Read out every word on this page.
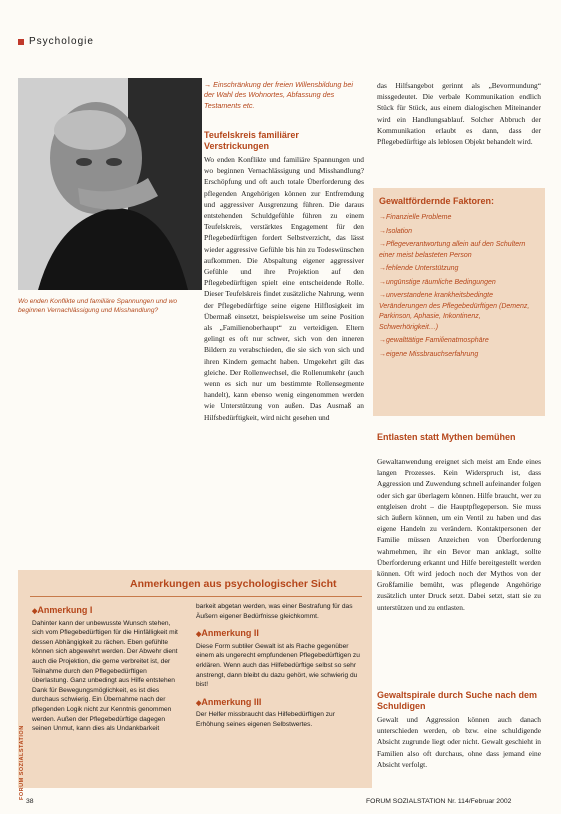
Psychologie
Wo enden Konflikte und familiäre Spannungen und wo beginnen Vernachlässigung und Misshandlung?
→ Einschränkung der freien Willensbildung bei der Wahl des Wohnortes, Abfassung des Testaments etc.
Teufelskreis familiärer Verstrickungen

Wo enden Konflikte und familiäre Spannungen und wo beginnen Vernachlässigung und Misshandlung? Erschöpfung und oft auch totale Überforderung des pflegenden Angehörigen können zur Entfremdung und aggressiver Ausgrenzung führen. Die daraus entstehenden Schuldgefühle führen zu einem Teufelskreis, verstärktes Engagement für den Pflegebedürftigen fordert Selbstverzicht, das lässt wieder aggressive Gefühle bis hin zu Todeswünschen aufkommen. Die Abspaltung eigener aggressiver Gefühle und ihre Projektion auf den Pflegebedürftigen spielt eine entscheidende Rolle. Dieser Teufelskreis findet zusätzliche Nahrung, wenn der Pflegebedürftige seine eigene Hilflosigkeit im Übermaß einsetzt, beispielsweise um seine Position als „Familienoberhaupt“ zu verteidigen. Eltern gelingt es oft nur schwer, sich von den inneren Bildern zu verabschieden, die sie sich von sich und ihren Kindern gemacht haben. Umgekehrt gilt das gleiche. Der Rollenwechsel, die Rollenumkehr (auch wenn es sich nur um bestimmte Rollensegmente handelt), kann ebenso wenig eingenommen werden wie Unterstützung von außen. Das Ausmaß an Hilfsbedürftigkeit, wird nicht gesehen und

das Hilfsangebot gerinnt als „Bevormundung“ missgedeutet. Die verbale Kommunikation endlich Stück für Stück, aus einem dialogischen Miteinander wird ein Handlungsablauf. Solcher Abbruch der Kommunikation erlaubt es dann, dass der Pflegebedürftige als leblosen Objekt behandelt wird.

Gewaltfördernde Faktoren:
→ Finanzielle Probleme
→ Isolation
→ Pflegeverantwortung allein auf den Schultern einer meist belasteten Person
→ fehlende Unterstützung
→ ungünstige räumliche Bedingungen
→ unverstandene krankheitsbedingte Veränderungen des Pflegebedürftigen (Demenz, Parkinson, Aphasie, Inkontinenz, Schwerhörigkeit…)
→ gewalttätige Familienatmosphäre
→ eigene Missbrauchserfahrung
Entlasten statt Mythen bemühen

Gewaltanwendung ereignet sich meist am Ende eines langen Prozesses. Kein Widerspruch ist, dass Aggression und Zuwendung schnell aufeinander folgen oder sich gar überlagern können. Hilfe braucht, wer zu entgleisen droht – die Hauptpflegeperson. Sie muss sich äußern können, um ein Ventil zu haben und das eigene Handeln zu verändern. Kontaktpersonen der Familie müssen Anzeichen von Überforderung wahrnehmen, ihr ein Bevor man anklagt, sollte Überforderung erkannt und Hilfe bereitgestellt werden können. Oft wird jedoch noch der Mythos von der Großfamilie bemüht, was pflegende Angehörige zusätzlich unter Druck setzt. Dabei setzt, statt sie zu unterstützen und zu entlasten.

Gewaltspirale durch Suche nach dem Schuldigen

Gewalt und Aggression können auch danach unterschieden werden, ob bzw. eine schuldigende Absicht zugrunde liegt oder nicht. Gewalt geschieht in Familien also oft durchaus, ohne dass jemand eine Absicht verfolgt.

Anmerkungen aus psychologischer Sicht
FORUM SOZIALSTATION
◆ Anmerkung I

Dahinter kann der unbewusste Wunsch stehen, sich vom Pflegebedürftigen für die Hinfälligkeit mit dessen Abhängigkeit zu rächen. Eben gefühlte können sich abgewehrt werden. Der Abwehr dient auch die Projektion, die gerne verbreitet ist, der Teilnahme durch den Pflegebedürftigen überlastung. Ganz unbedingt aus Hilfe entstehen Dank für Bewegungsmöglichkeit, es ist dies durchaus schwierig. Ein Übernahme nach der pflegenden Logik nicht zur Kenntnis genommen werden. Außen der Pflegebedürftige dagegen seinen Unmut, kann dies als Undankbarkeit

barkeit abgetan werden, was einer Bestrafung für das Äußern eigener Bedürfnisse gleichkommt.

◆ Anmerkung II

Diese Form subtiler Gewalt ist als Rache gegenüber einem als ungerecht empfundenen Pflegebedürftigen zu erklären. Wenn auch das Hilfebedürftige selbst so sehr anstrengt, dann bleibt du dazu gehört, wie schwierig du bist!

◆ Anmerkung III

Der Helfer missbraucht das Hilfebedürftigen zur Erhöhung seines eigenen Selbstwertes.

38	FORUM SOZIALSTATION Nr. 114/Februar 2002
